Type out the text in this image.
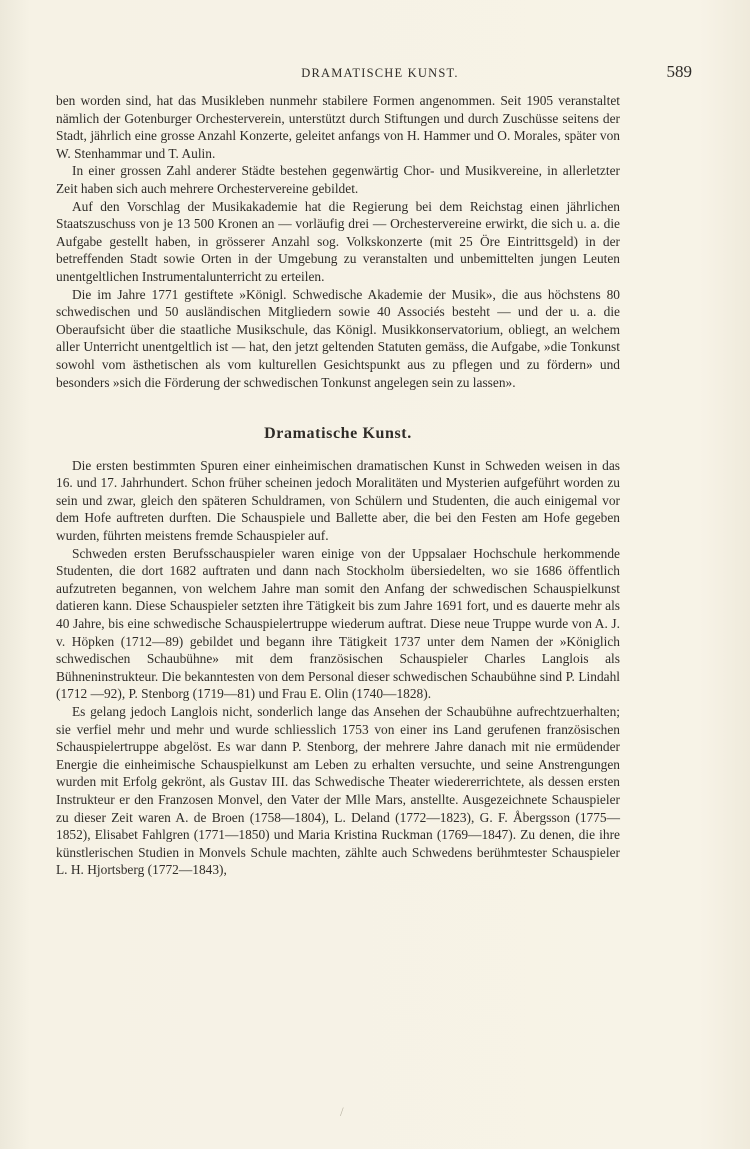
DRAMATISCHE KUNST.	589

ben worden sind, hat das Musikleben nunmehr stabilere Formen angenommen. Seit 1905 veranstaltet nämlich der Gotenburger Orchesterverein, unterstützt durch Stiftungen und durch Zuschüsse seitens der Stadt, jährlich eine grosse Anzahl Konzerte, geleitet anfangs von H. Hammer und O. Morales, später von W. Stenhammar und T. Aulin.

In einer grossen Zahl anderer Städte bestehen gegenwärtig Chor- und Musikvereine, in allerletzter Zeit haben sich auch mehrere Orchestervereine gebildet.

Auf den Vorschlag der Musikakademie hat die Regierung bei dem Reichstag einen jährlichen Staatszuschuss von je 13 500 Kronen an — vorläufig drei — Orchestervereine erwirkt, die sich u. a. die Aufgabe gestellt haben, in grösserer Anzahl sog. Volkskonzerte (mit 25 Öre Eintrittsgeld) in der betreffenden Stadt sowie Orten in der Umgebung zu veranstalten und unbemittelten jungen Leuten unentgeltlichen Instrumentalunterricht zu erteilen.

Die im Jahre 1771 gestiftete »Königl. Schwedische Akademie der Musik», die aus höchstens 80 schwedischen und 50 ausländischen Mitgliedern sowie 40 Associés besteht — und der u. a. die Oberaufsicht über die staatliche Musikschule, das Königl. Musikkonservatorium, obliegt, an welchem aller Unterricht unentgeltlich ist — hat, den jetzt geltenden Statuten gemäss, die Aufgabe, »die Tonkunst sowohl vom ästhetischen als vom kulturellen Gesichtspunkt aus zu pflegen und zu fördern» und besonders »sich die Förderung der schwedischen Tonkunst angelegen sein zu lassen».

Dramatische Kunst.

Die ersten bestimmten Spuren einer einheimischen dramatischen Kunst in Schweden weisen in das 16. und 17. Jahrhundert. Schon früher scheinen jedoch Moralitäten und Mysterien aufgeführt worden zu sein und zwar, gleich den späteren Schuldramen, von Schülern und Studenten, die auch einigemal vor dem Hofe auftreten durften. Die Schauspiele und Ballette aber, die bei den Festen am Hofe gegeben wurden, führten meistens fremde Schauspieler auf.

Schweden ersten Berufsschauspieler waren einige von der Uppsalaer Hochschule herkommende Studenten, die dort 1682 auftraten und dann nach Stockholm übersiedelten, wo sie 1686 öffentlich aufzutreten begannen, von welchem Jahre man somit den Anfang der schwedischen Schauspielkunst datieren kann. Diese Schauspieler setzten ihre Tätigkeit bis zum Jahre 1691 fort, und es dauerte mehr als 40 Jahre, bis eine schwedische Schauspielertruppe wiederum auftrat. Diese neue Truppe wurde von A. J. v. Höpken (1712—89) gebildet und begann ihre Tätigkeit 1737 unter dem Namen der »Königlich schwedischen Schaubühne» mit dem französischen Schauspieler Charles Langlois als Bühneninstrukteur. Die bekanntesten von dem Personal dieser schwedischen Schaubühne sind P. Lindahl (1712 —92), P. Stenborg (1719—81) und Frau E. Olin (1740—1828).

Es gelang jedoch Langlois nicht, sonderlich lange das Ansehen der Schaubühne aufrechtzuerhalten; sie verfiel mehr und mehr und wurde schliesslich 1753 von einer ins Land gerufenen französischen Schauspielertruppe abgelöst. Es war dann P. Stenborg, der mehrere Jahre danach mit nie ermüdender Energie die einheimische Schauspielkunst am Leben zu erhalten versuchte, und seine Anstrengungen wurden mit Erfolg gekrönt, als Gustav III. das Schwedische Theater wiedererrichtete, als dessen ersten Instrukteur er den Franzosen Monvel, den Vater der Mlle Mars, anstellte. Ausgezeichnete Schauspieler zu dieser Zeit waren A. de Broen (1758—1804), L. Deland (1772—1823), G. F. Åbergsson (1775—1852), Elisabet Fahlgren (1771—1850) und Maria Kristina Ruckman (1769—1847). Zu denen, die ihre künstlerischen Studien in Monvels Schule machten, zählte auch Schwedens berühmtester Schauspieler L. H. Hjortsberg (1772—1843),

/
